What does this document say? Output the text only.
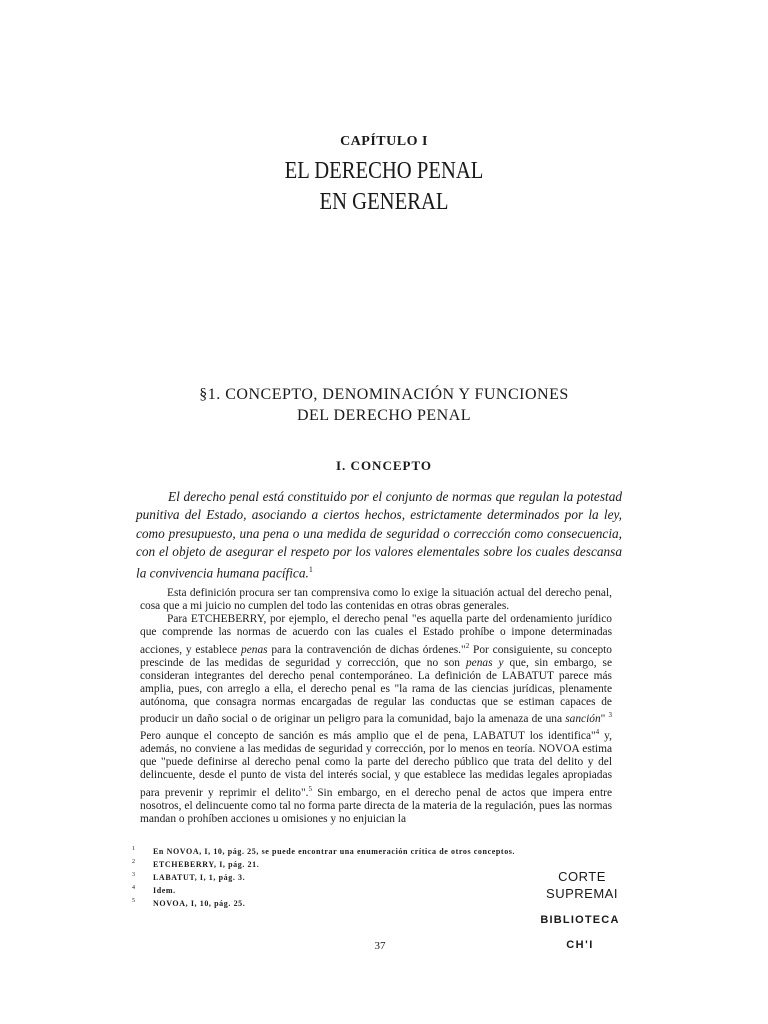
CAPÍTULO I
EL DERECHO PENAL
EN GENERAL
§1. CONCEPTO, DENOMINACIÓN Y FUNCIONES
DEL DERECHO PENAL
I. CONCEPTO

El derecho penal está constituido por el conjunto de normas que regulan la potestad punitiva del Estado, asociando a ciertos hechos, estrictamente determinados por la ley, como presupuesto, una pena o una medida de seguridad o corrección como consecuencia, con el objeto de asegurar el respeto por los valores elementales sobre los cuales descansa la convivencia humana pacífica.$^1$

Esta definición procura ser tan comprensiva como lo exige la situación actual del derecho penal, cosa que a mi juicio no cumplen del todo las contenidas en otras obras generales.

Para ETCHEBERRY, por ejemplo, el derecho penal "es aquella parte del ordenamiento jurídico que comprende las normas de acuerdo con las cuales el Estado prohíbe o impone determinadas acciones, y establece penas para la contravención de dichas órdenes."$^2$ Por consiguiente, su concepto prescinde de las medidas de seguridad y corrección, que no son penas y que, sin embargo, se consideran integrantes del derecho penal contemporáneo. La definición de LABATUT parece más amplia, pues, con arreglo a ella, el derecho penal es "la rama de las ciencias jurídicas, plenamente autónoma, que consagra normas encargadas de regular las conductas que se estiman capaces de producir un daño social o de originar un peligro para la comunidad, bajo la amenaza de una sanción" $^3$ Pero aunque el concepto de sanción es más amplio que el de pena, LABATUT los identifica"$^4$ y, además, no conviene a las medidas de seguridad y corrección, por lo menos en teoría. NOVOA estima que "puede definirse al derecho penal como la parte del derecho público que trata del delito y del delincuente, desde el punto de vista del interés social, y que establece las medidas legales apropiadas para prevenir y reprimir el delito".$^5$ Sin embargo, en el derecho penal de actos que impera entre nosotros, el delincuente como tal no forma parte directa de la materia de la regulación, pues las normas mandan o prohíben acciones u omisiones y no enjuician la

1	En NOVOA, I, 10, pág. 25, se puede encontrar una enumeración crítica de otros conceptos.
2	ETCHEBERRY, I, pág. 21.
3	LABATUT, I, 1, pág. 3.
4	Idem.
5	NOVOA, I, 10, pág. 25.
CORTE
SUPREMAI
BIBLIOTECA
CH'I
37
